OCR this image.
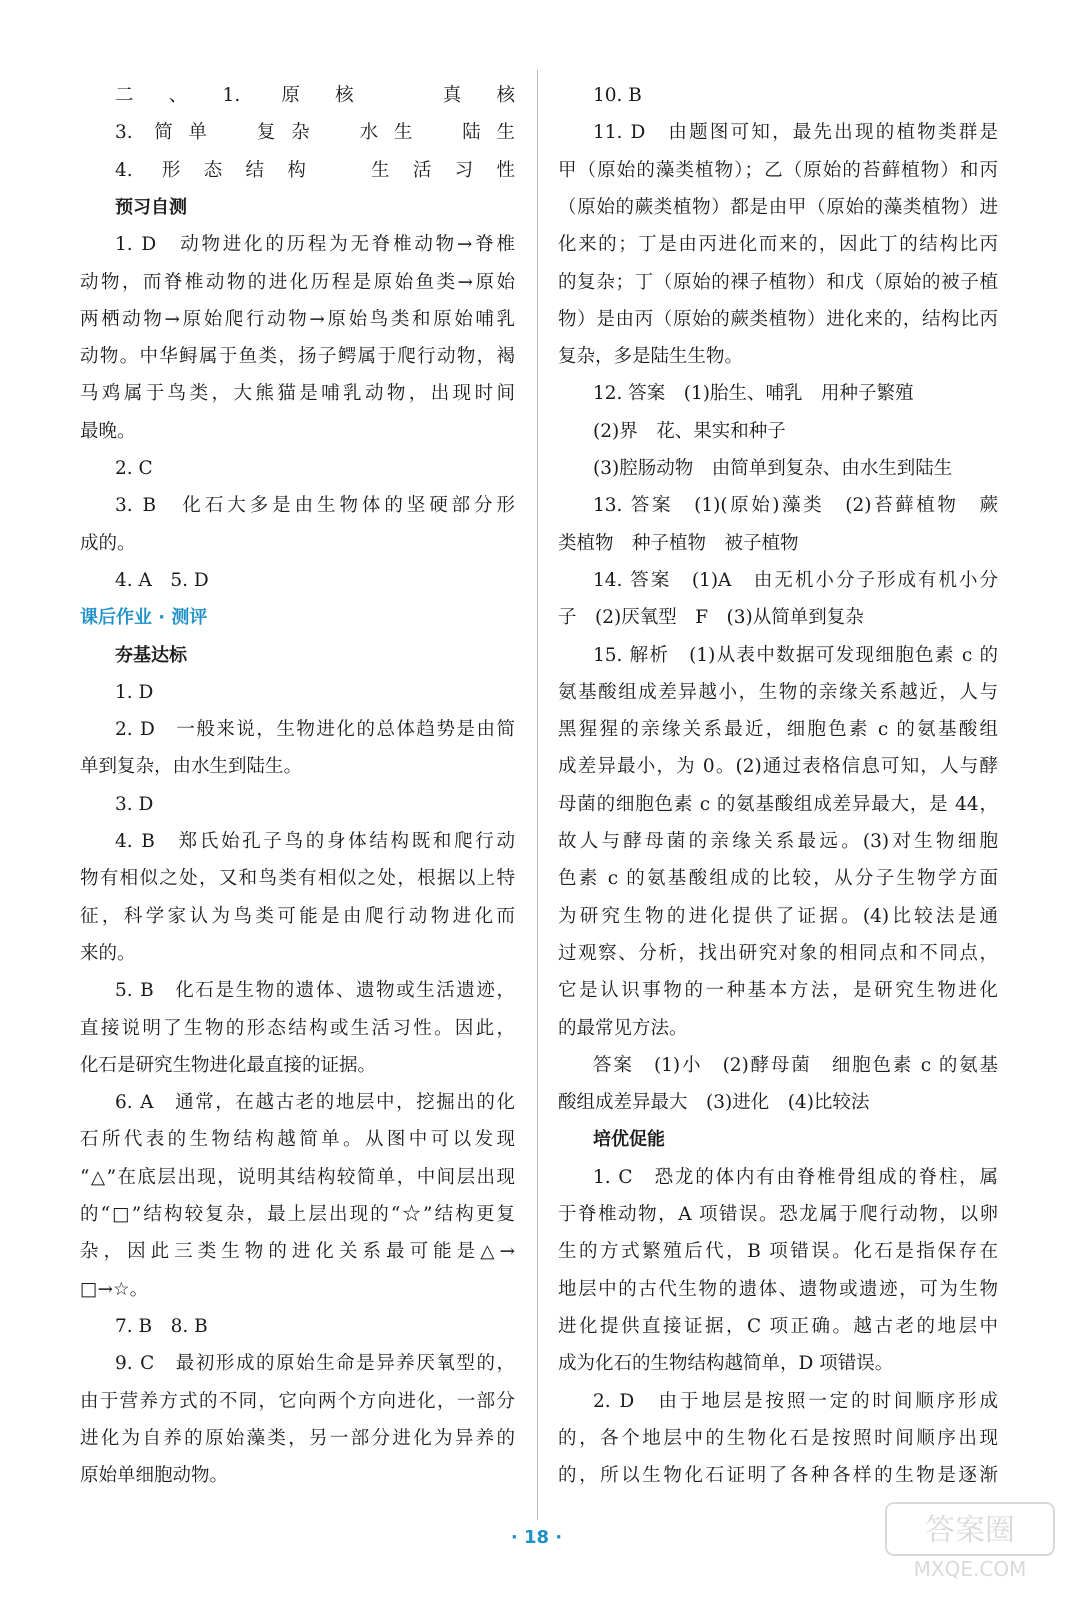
二、1. 原核　真核
3. 简单　复杂　水生　陆生
4. 形态结构　生活习性
预习自测
1. D　动物进化的历程为无脊椎动物→脊椎
动物，而脊椎动物的进化历程是原始鱼类→原始
两栖动物→原始爬行动物→原始鸟类和原始哺乳
动物。中华鲟属于鱼类，扬子鳄属于爬行动物，褐
马鸡属于鸟类，大熊猫是哺乳动物，出现时间
最晚。
2. C
3. B　化石大多是由生物体的坚硬部分形
成的。
4. A　5. D
课后作业 · 测评
夯基达标
1. D
2. D　一般来说，生物进化的总体趋势是由简
单到复杂，由水生到陆生。
3. D
4. B　郑氏始孔子鸟的身体结构既和爬行动
物有相似之处，又和鸟类有相似之处，根据以上特
征，科学家认为鸟类可能是由爬行动物进化而
来的。
5. B　化石是生物的遗体、遗物或生活遗迹，
直接说明了生物的形态结构或生活习性。因此，
化石是研究生物进化最直接的证据。
6. A　通常，在越古老的地层中，挖掘出的化
石所代表的生物结构越简单。从图中可以发现
“△”在底层出现，说明其结构较简单，中间层出现
的“□”结构较复杂，最上层出现的“☆”结构更复
杂，因此三类生物的进化关系最可能是△→
□→☆。
7. B　8. B
9. C　最初形成的原始生命是异养厌氧型的，
由于营养方式的不同，它向两个方向进化，一部分
进化为自养的原始藻类，另一部分进化为异养的
原始单细胞动物。
10. B
11. D　由题图可知，最先出现的植物类群是
甲（原始的藻类植物）；乙（原始的苔藓植物）和丙
（原始的蕨类植物）都是由甲（原始的藻类植物）进
化来的；丁是由丙进化而来的，因此丁的结构比丙
的复杂；丁（原始的裸子植物）和戊（原始的被子植
物）是由丙（原始的蕨类植物）进化来的，结构比丙
复杂，多是陆生生物。
12. 答案　(1)胎生、哺乳　用种子繁殖
(2)界　花、果实和种子
(3)腔肠动物　由简单到复杂、由水生到陆生
13. 答案　(1)(原始)藻类　(2)苔藓植物　蕨
类植物　种子植物　被子植物
14. 答案　(1)A　由无机小分子形成有机小分
子　(2)厌氧型　F　(3)从简单到复杂
15. 解析　(1)从表中数据可发现细胞色素 c 的
氨基酸组成差异越小，生物的亲缘关系越近，人与
黑猩猩的亲缘关系最近，细胞色素 c 的氨基酸组
成差异最小，为 0。(2)通过表格信息可知，人与酵
母菌的细胞色素 c 的氨基酸组成差异最大，是 44，
故人与酵母菌的亲缘关系最远。(3)对生物细胞
色素 c 的氨基酸组成的比较，从分子生物学方面
为研究生物的进化提供了证据。(4)比较法是通
过观察、分析，找出研究对象的相同点和不同点，
它是认识事物的一种基本方法，是研究生物进化
的最常见方法。
答案　(1)小　(2)酵母菌　细胞色素 c 的氨基
酸组成差异最大　(3)进化　(4)比较法
培优促能
1. C　恐龙的体内有由脊椎骨组成的脊柱，属
于脊椎动物，A 项错误。恐龙属于爬行动物，以卵
生的方式繁殖后代，B 项错误。化石是指保存在
地层中的古代生物的遗体、遗物或遗迹，可为生物
进化提供直接证据，C 项正确。越古老的地层中
成为化石的生物结构越简单，D 项错误。
2. D　由于地层是按照一定的时间顺序形成
的，各个地层中的生物化石是按照时间顺序出现
的，所以生物化石证明了各种各样的生物是逐渐
· 18 ·	答案圈
MXQE.COM
